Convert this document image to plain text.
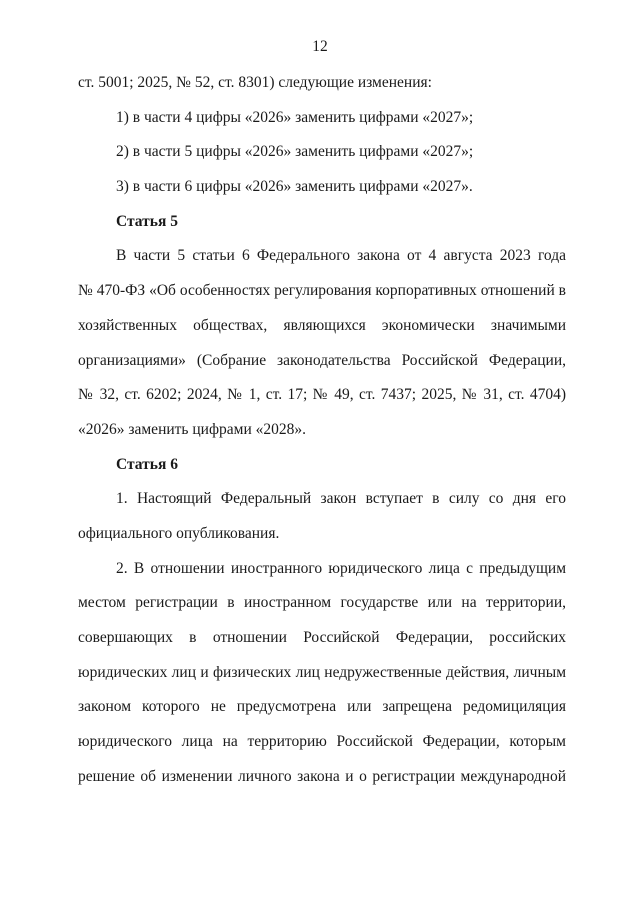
12
ст. 5001; 2025, № 52, ст. 8301) следующие изменения:
1) в части 4 цифры «2026» заменить цифрами «2027»;
2) в части 5 цифры «2026» заменить цифрами «2027»;
3) в части 6 цифры «2026» заменить цифрами «2027».
Статья 5
В части 5 статьи 6 Федерального закона от 4 августа 2023 года
№ 470-ФЗ «Об особенностях регулирования корпоративных отношений в
хозяйственных обществах, являющихся экономически значимыми
организациями» (Собрание законодательства Российской Федерации,
№ 32, ст. 6202; 2024, № 1, ст. 17; № 49, ст. 7437; 2025, № 31, ст. 4704)
«2026» заменить цифрами «2028».
Статья 6
1. Настоящий Федеральный закон вступает в силу со дня его
официального опубликования.
2. В отношении иностранного юридического лица с предыдущим
местом регистрации в иностранном государстве или на территории,
совершающих в отношении Российской Федерации, российских
юридических лиц и физических лиц недружественные действия, личным
законом которого не предусмотрена или запрещена редомициляция
юридического лица на территорию Российской Федерации, которым
решение об изменении личного закона и о регистрации международной
